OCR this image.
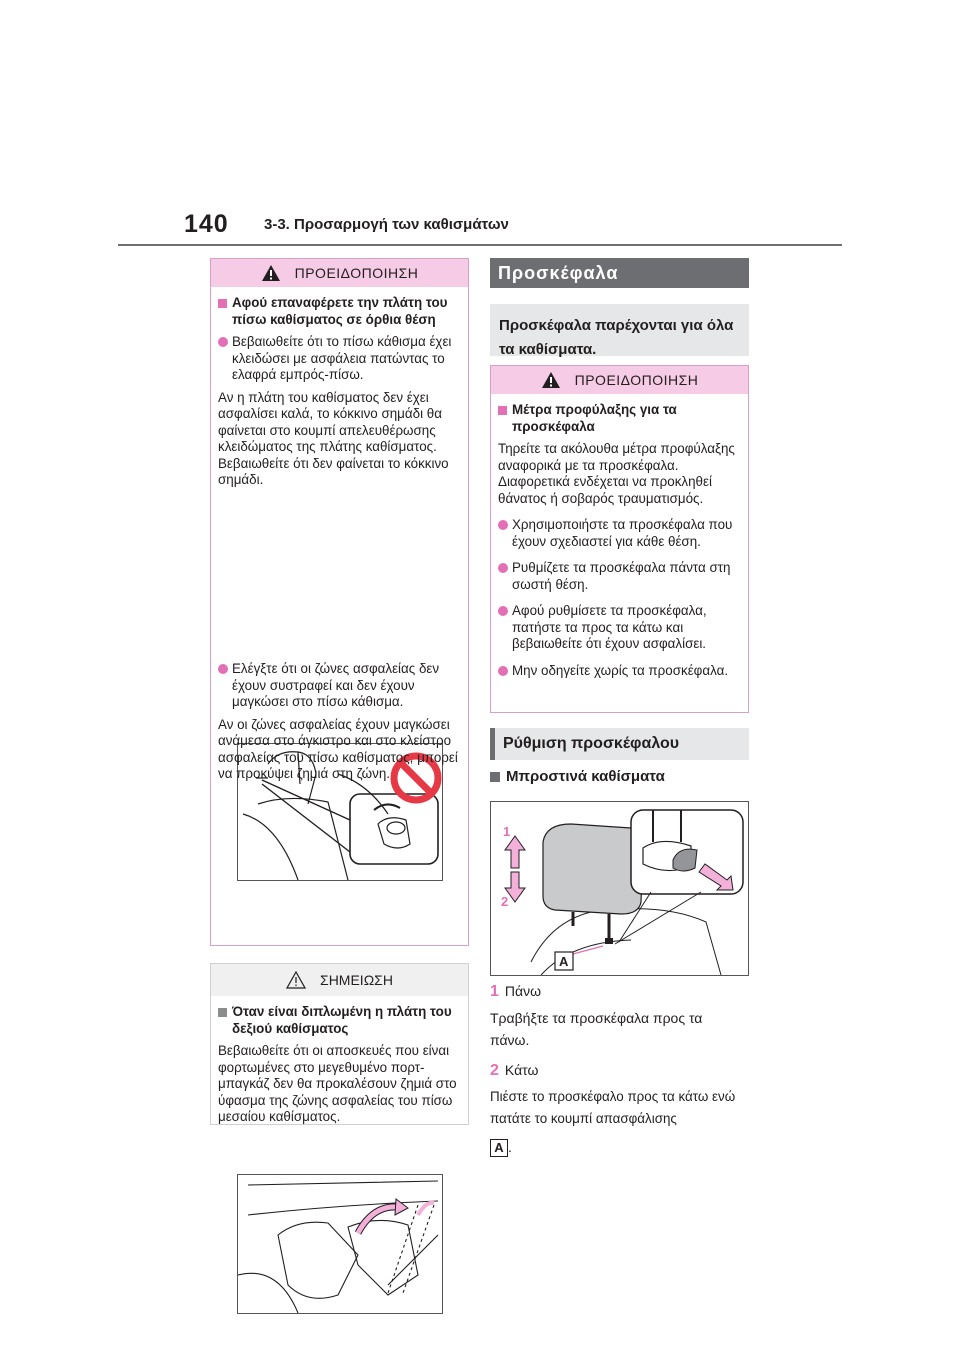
140 3-3. Προσαρμογή των καθισμάτων
ΠΡΟΕΙΔΟΠΟΙΗΣΗ
Αφού επαναφέρετε την πλάτη του πίσω καθίσματος σε όρθια θέση
Βεβαιωθείτε ότι το πίσω κάθισμα έχει κλειδώσει με ασφάλεια πατώντας το ελαφρά εμπρός-πίσω.
Αν η πλάτη του καθίσματος δεν έχει ασφαλίσει καλά, το κόκκινο σημάδι θα φαίνεται στο κουμπί απελευθέρωσης κλειδώματος της πλάτης καθίσματος. Βεβαιωθείτε ότι δεν φαίνεται το κόκκινο σημάδι.
Ελέγξτε ότι οι ζώνες ασφαλείας δεν έχουν συστραφεί και δεν έχουν μαγκώσει στο πίσω κάθισμα.
Αν οι ζώνες ασφαλείας έχουν μαγκώσει ανάμεσα στο άγκιστρο και στο κλείστρο ασφαλείας του πίσω καθίσματος, μπορεί να προκύψει ζημιά στη ζώνη.
ΣΗΜΕΙΩΣΗ
Όταν είναι διπλωμένη η πλάτη του δεξιού καθίσματος
Βεβαιωθείτε ότι οι αποσκευές που είναι φορτωμένες στο μεγεθυμένο πορτ-μπαγκάζ δεν θα προκαλέσουν ζημιά στο ύφασμα της ζώνης ασφαλείας του πίσω μεσαίου καθίσματος.
Προσκέφαλα
Προσκέφαλα παρέχονται για όλα τα καθίσματα.
ΠΡΟΕΙΔΟΠΟΙΗΣΗ
Μέτρα προφύλαξης για τα προσκέφαλα
Τηρείτε τα ακόλουθα μέτρα προφύλαξης αναφορικά με τα προσκέφαλα. Διαφορετικά ενδέχεται να προκληθεί θάνατος ή σοβαρός τραυματισμός.
Χρησιμοποιήστε τα προσκέφαλα που έχουν σχεδιαστεί για κάθε θέση.
Ρυθμίζετε τα προσκέφαλα πάντα στη σωστή θέση.
Αφού ρυθμίσετε τα προσκέφαλα, πατήστε τα προς τα κάτω και βεβαιωθείτε ότι έχουν ασφαλίσει.
Μην οδηγείτε χωρίς τα προσκέφαλα.
Ρύθμιση προσκέφαλου
Μπροστινά καθίσματα
1
2
A
1 Πάνω
Τραβήξτε τα προσκέφαλα προς τα πάνω.
2 Κάτω
Πιέστε το προσκέφαλο προς τα κάτω ενώ πατάτε το κουμπί απασφάλισης
A .
